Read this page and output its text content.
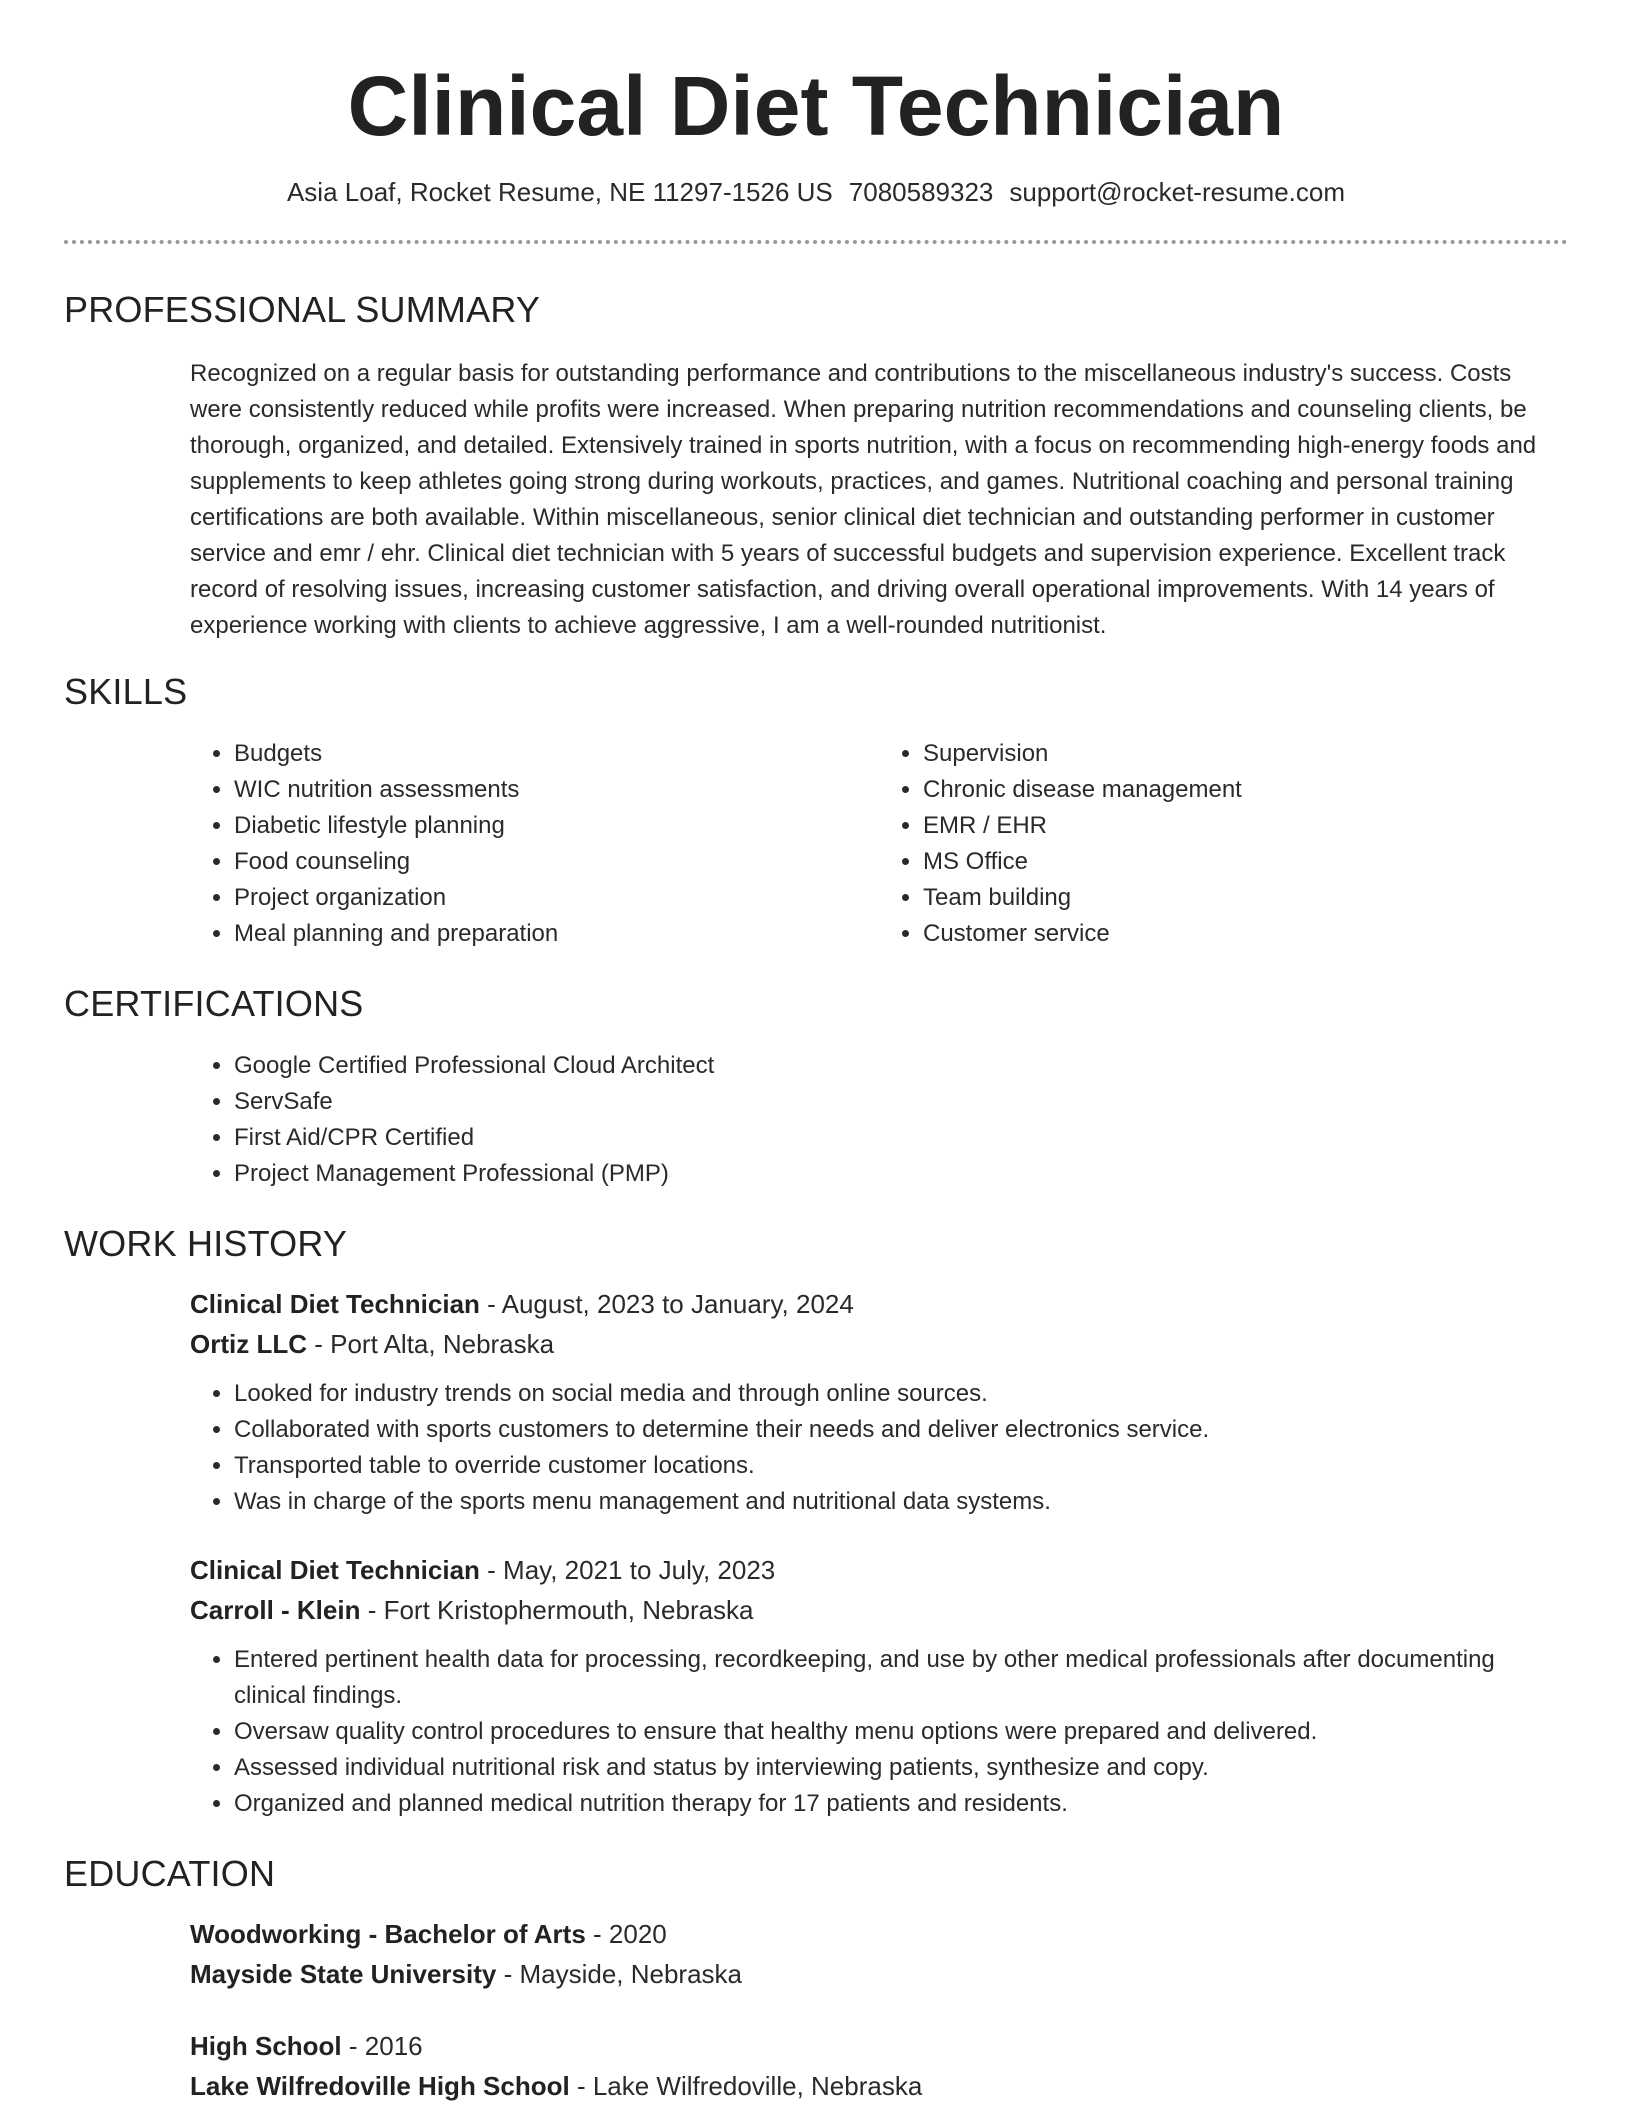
Clinical Diet Technician
Asia Loaf, Rocket Resume, NE 11297-1526 US 7080589323 support@rocket-resume.com
PROFESSIONAL SUMMARY
Recognized on a regular basis for outstanding performance and contributions to the miscellaneous industry's success. Costs were consistently reduced while profits were increased. When preparing nutrition recommendations and counseling clients, be thorough, organized, and detailed. Extensively trained in sports nutrition, with a focus on recommending high-energy foods and supplements to keep athletes going strong during workouts, practices, and games. Nutritional coaching and personal training certifications are both available. Within miscellaneous, senior clinical diet technician and outstanding performer in customer service and emr / ehr. Clinical diet technician with 5 years of successful budgets and supervision experience. Excellent track record of resolving issues, increasing customer satisfaction, and driving overall operational improvements. With 14 years of experience working with clients to achieve aggressive, I am a well-rounded nutritionist.
SKILLS
• Budgets
• WIC nutrition assessments
• Diabetic lifestyle planning
• Food counseling
• Project organization
• Meal planning and preparation
• Supervision
• Chronic disease management
• EMR / EHR
• MS Office
• Team building
• Customer service
CERTIFICATIONS
• Google Certified Professional Cloud Architect
• ServSafe
• First Aid/CPR Certified
• Project Management Professional (PMP)
WORK HISTORY
Clinical Diet Technician - August, 2023 to January, 2024
Ortiz LLC - Port Alta, Nebraska
• Looked for industry trends on social media and through online sources.
• Collaborated with sports customers to determine their needs and deliver electronics service.
• Transported table to override customer locations.
• Was in charge of the sports menu management and nutritional data systems.
Clinical Diet Technician - May, 2021 to July, 2023
Carroll - Klein - Fort Kristophermouth, Nebraska
• Entered pertinent health data for processing, recordkeeping, and use by other medical professionals after documenting clinical findings.
• Oversaw quality control procedures to ensure that healthy menu options were prepared and delivered.
• Assessed individual nutritional risk and status by interviewing patients, synthesize and copy.
• Organized and planned medical nutrition therapy for 17 patients and residents.
EDUCATION
Woodworking - Bachelor of Arts - 2020
Mayside State University - Mayside, Nebraska
High School - 2016
Lake Wilfredoville High School - Lake Wilfredoville, Nebraska
